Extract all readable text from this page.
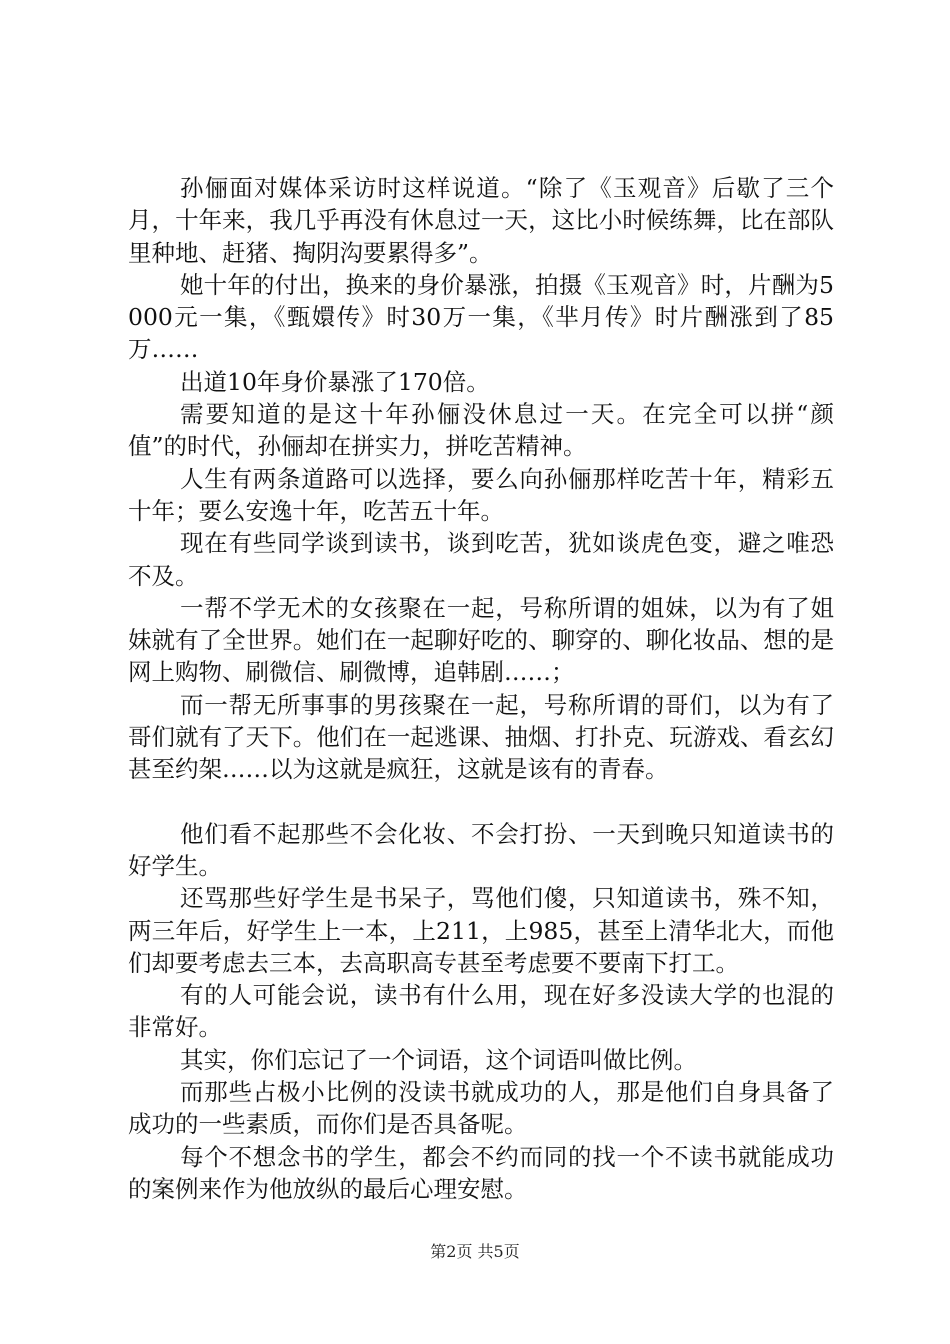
孙俪面对媒体采访时这样说道。“除了《玉观音》后歇了三个月，十年来，我几乎再没有休息过一天，这比小时候练舞，比在部队里种地、赶猪、掏阴沟要累得多”。

她十年的付出，换来的身价暴涨，拍摄《玉观音》时，片酬为5000元一集，《甄嬛传》时30万一集，《芈月传》时片酬涨到了85万……

出道10年身价暴涨了170倍。

需要知道的是这十年孙俪没休息过一天。在完全可以拼“颜值”的时代，孙俪却在拼实力，拼吃苦精神。

人生有两条道路可以选择，要么向孙俪那样吃苦十年，精彩五十年；要么安逸十年，吃苦五十年。

现在有些同学谈到读书，谈到吃苦，犹如谈虎色变，避之唯恐不及。

一帮不学无术的女孩聚在一起，号称所谓的姐妹，以为有了姐妹就有了全世界。她们在一起聊好吃的、聊穿的、聊化妆品、想的是网上购物、刷微信、刷微博，追韩剧……；

而一帮无所事事的男孩聚在一起，号称所谓的哥们，以为有了哥们就有了天下。他们在一起逃课、抽烟、打扑克、玩游戏、看玄幻甚至约架……以为这就是疯狂，这就是该有的青春。

他们看不起那些不会化妆、不会打扮、一天到晚只知道读书的好学生。

还骂那些好学生是书呆子，骂他们傻，只知道读书，殊不知，两三年后，好学生上一本，上211，上985，甚至上清华北大，而他们却要考虑去三本，去高职高专甚至考虑要不要南下打工。

有的人可能会说，读书有什么用，现在好多没读大学的也混的非常好。

其实，你们忘记了一个词语，这个词语叫做比例。

而那些占极小比例的没读书就成功的人，那是他们自身具备了成功的一些素质，而你们是否具备呢。

每个不想念书的学生，都会不约而同的找一个不读书就能成功的案例来作为他放纵的最后心理安慰。

第2页 共5页
